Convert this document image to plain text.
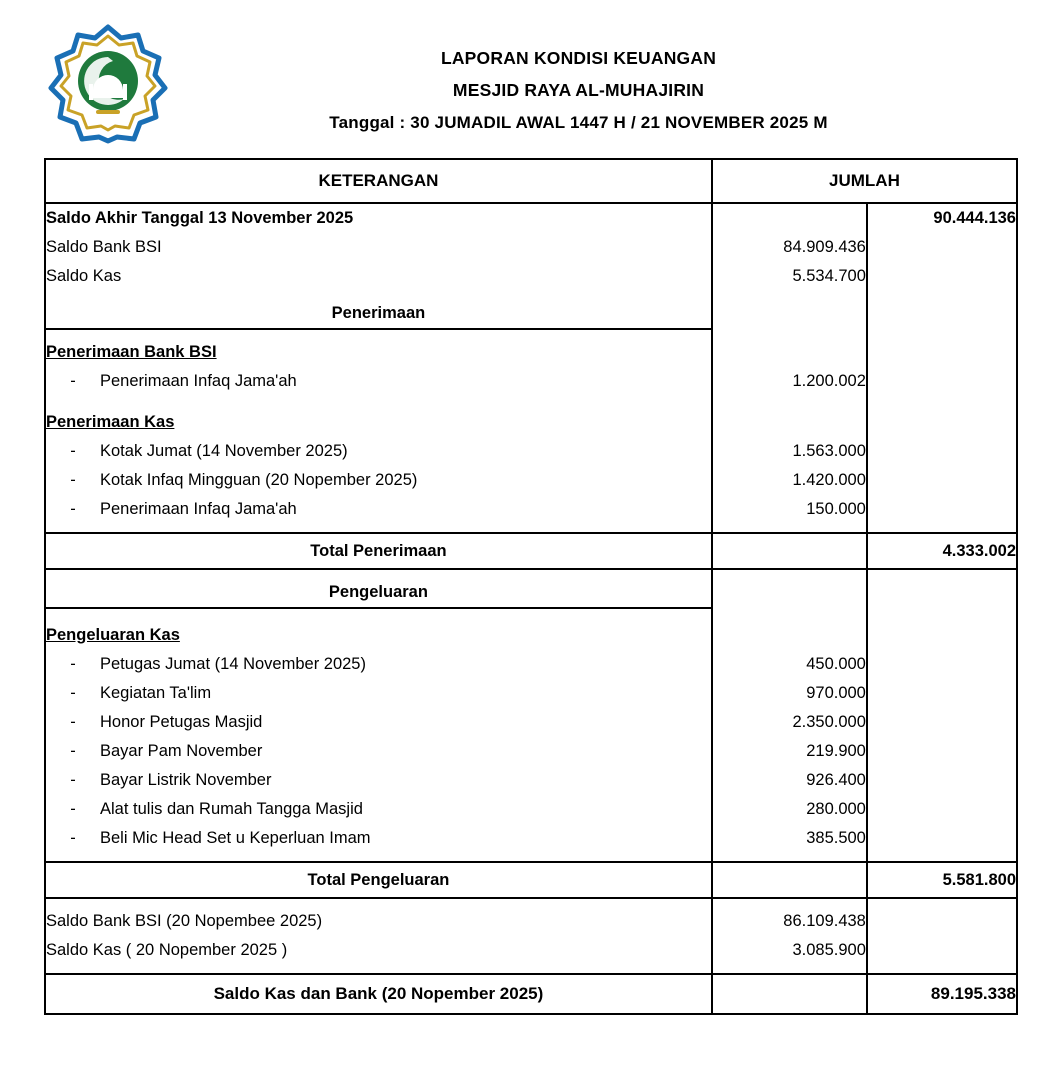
LAPORAN KONDISI KEUANGAN
MESJID RAYA AL-MUHAJIRIN
Tanggal : 30 JUMADIL AWAL 1447 H / 21 NOVEMBER 2025 M
KETERANGAN	JUMLAH	
Saldo Akhir Tanggal 13 November 2025		90.444.136
Saldo Bank BSI	84.909.436	
Saldo Kas	5.534.700	

Penerimaan		

Penerimaan Bank BSI		
- Penerimaan Infaq Jama'ah	1.200.002	

Penerimaan Kas		
- Kotak Jumat (14 November 2025)	1.563.000	
- Kotak Infaq Mingguan (20 Nopember 2025)	1.420.000	
- Penerimaan Infaq Jama'ah	150.000	

Total Penerimaan		4.333.002

Pengeluaran		

Pengeluaran Kas		
- Petugas Jumat (14 November 2025)	450.000	
- Kegiatan Ta'lim	970.000	
- Honor Petugas Masjid	2.350.000	
- Bayar Pam November	219.900	
- Bayar Listrik November	926.400	
- Alat tulis dan Rumah Tangga Masjid	280.000	
- Beli Mic Head Set u Keperluan Imam	385.500	

Total Pengeluaran		5.581.800

Saldo Bank BSI (20 Nopembee 2025)	86.109.438	
Saldo Kas ( 20 Nopember 2025 )	3.085.900	

Saldo Kas dan Bank (20 Nopember 2025)		89.195.338
